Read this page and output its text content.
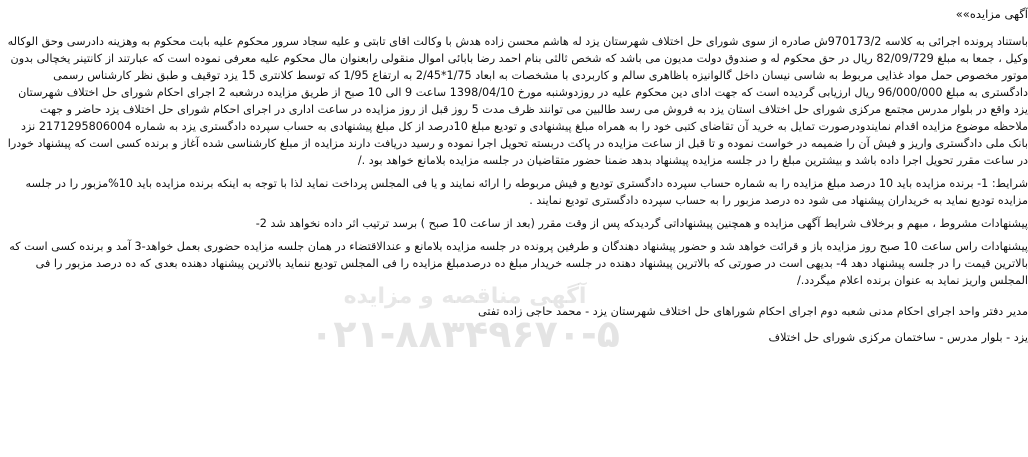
آگهی مناقصه و مزایده
۰۲۱-۸۸۳۴۹۶۷۰-۵
آگهی مزایده»»

باستناد پرونده اجرائی به کلاسه 970173/2ش صادره از سوی شورای حل اختلاف شهرستان یزد له هاشم محسن زاده هدش با وکالت اقای تابتی و علیه سجاد سرور محکوم علیه بابت محکوم به وهزینه دادرسی وحق الوکاله وکیل ، جمعا به مبلغ 82/09/729 ریال در حق محکوم له و صندوق دولت مدیون می باشد که شخص ثالثی بنام احمد رضا بابائی اموال منقولی رابعنوان مال محکوم علیه معرفی نموده است که عبارتند از کانتینر یخچالی بدون موتور مخصوص حمل مواد غذایی مربوط به شاسی نیسان داخل گالوانیزه باظاهری سالم و کاربردی با مشخصات به ابعاد 1/75*2/45 به ارتفاع 1/95 که توسط کلانتری 15 یزد توقیف و طبق نظر کارشناس رسمی دادگستری به مبلغ 96/000/000 ریال ارزیابی گردیده است که جهت ادای دین محکوم علیه در روزدوشنبه مورخ 1398/04/10 ساعت 9 الی 10 صبح از طریق مزایده درشعبه 2 اجرای احکام شورای حل اختلاف شهرستان یزد واقع در بلوار مدرس مجتمع مرکزی شورای حل اختلاف استان یزد به فروش می رسد طالبین می توانند ظرف مدت 5 روز قبل از روز مزایده در ساعت اداری در اجرای احکام شورای حل اختلاف یزد حاضر و جهت ملاحظه موضوع مزایده اقدام نمایندودرصورت تمایل به خرید آن تقاضای کتبی خود را به همراه مبلغ پیشنهادی و تودیع مبلغ 10درصد از کل مبلغ پیشنهادی به حساب سپرده دادگستری یزد به شماره 2171295806004 نزد بانک ملی دادگستری واریز و فیش آن را ضمیمه در خواست نموده و تا قبل از ساعت مزایده در پاکت دربسته تحویل اجرا نموده و رسید دریافت دارند مزایده از مبلغ کارشناسی شده آغاز و برنده کسی است که پیشنهاد خودرا در ساعت مقرر تحویل اجرا داده باشد و بیشترین مبلغ را در جلسه مزایده پیشنهاد بدهد ضمنا حضور متقاضیان در جلسه مزایده بلامانع خواهد بود ./

شرایط: 1- برنده مزایده باید 10 درصد مبلغ مزایده را به شماره حساب سپرده دادگستری تودیع و فیش مربوطه را ارائه نمایند و یا فی المجلس پرداخت نماید لذا با توجه به اینکه برنده مزایده باید 10%مزبور را در جلسه مزایده تودیع نماید به خریداران پیشنهاد می شود ده درصد مزبور را به حساب سپرده دادگستری تودیع نمایند .

پیشنهادات مشروط ، مبهم و برخلاف شرایط آگهی مزایده و همچنین پیشنهاداتی گردیدکه پس از وقت مقرر (بعد از ساعت 10 صبح ) برسد ترتیب اثر داده نخواهد شد 2-

پیشنهادات راس ساعت 10 صبح روز مزایده باز و قرائت خواهد شد و حضور پیشنهاد دهندگان و طرفین پرونده در جلسه مزایده بلامانع و عندالاقتضاء در همان جلسه مزایده حضوری بعمل خواهد-3 آمد و برنده کسی است که بالاترین قیمت را در جلسه پیشنهاد دهد 4- بدیهی است در صورتی که بالاترین پیشنهاد دهنده در جلسه خریدار مبلغ ده درصدمبلغ مزایده را فی المجلس تودیع ننماید بالاترین پیشنهاد دهنده بعدی که ده درصد مزبور را فی المجلس واریز نماید به عنوان برنده اعلام میگردد./

مدیر دفتر واحد اجرای احکام مدنی شعبه دوم اجرای احکام شوراهای حل اختلاف شهرستان یزد - محمد حاجی زاده تفتی

یزد - بلوار مدرس - ساختمان مرکزی شورای حل اختلاف
